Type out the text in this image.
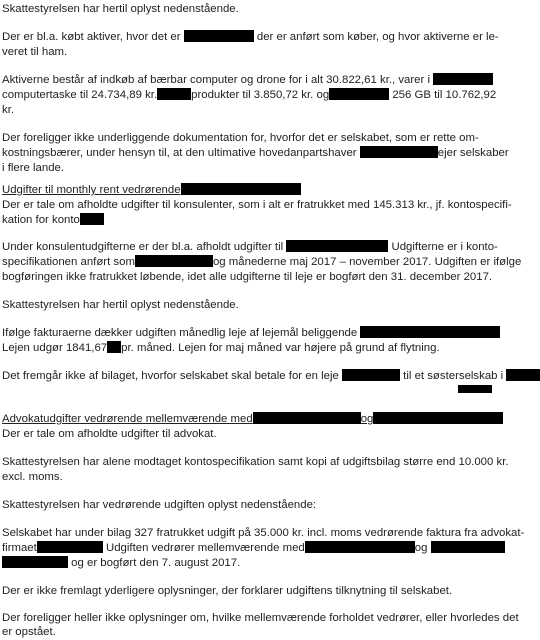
Skattestyrelsen har hertil oplyst nedenstående.
Der er bl.a. købt aktiver, hvor det er	der er anført som køber, og hvor aktiverne er le-
veret til ham.
Aktiverne består af indkøb af bærbar computer og drone for i alt 30.822,61 kr., varer i
computertaske til 24.734,89 kr.	produkter til 3.850,72 kr. og	256 GB til 10.762,92
kr.
Der foreligger ikke underliggende dokumentation for, hvorfor det er selskabet, som er rette om-
kostningsbærer, under hensyn til, at den ultimative hovedanpartshaver	ejer selskaber
i flere lande.
Udgifter til monthly rent vedrørende
Der er tale om afholdte udgifter til konsulenter, som i alt er fratrukket med 145.313 kr., jf. kontospecifi-
kation for konto
Under konsulentudgifterne er der bl.a. afholdt udgifter til	Udgifterne er i konto-
specifikationen anført som	og månederne maj 2017 – november 2017. Udgiften er ifølge
bogføringen ikke fratrukket løbende, idet alle udgifterne til leje er bogført den 31. december 2017.
Skattestyrelsen har hertil oplyst nedenstående.
Ifølge fakturaerne dækker udgiften månedlig leje af lejemål beliggende
Lejen udgør 1841,67 pr. måned. Lejen for maj måned var højere på grund af flytning.
Det fremgår ikke af bilaget, hvorfor selskabet skal betale for en leje	til et søsterselskab i
Advokatudgifter vedrørende mellemværende med	og
Der er tale om afholdte udgifter til advokat.
Skattestyrelsen har alene modtaget kontospecifikation samt kopi af udgiftsbilag større end 10.000 kr.
excl. moms.
Skattestyrelsen har vedrørende udgiften oplyst nedenstående:
Selskabet har under bilag 327 fratrukket udgift på 35.000 kr. incl. moms vedrørende faktura fra advokat-
firmaet	Udgiften vedrører mellemværende med	og
og er bogført den 7. august 2017.
Der er ikke fremlagt yderligere oplysninger, der forklarer udgiftens tilknytning til selskabet.
Der foreligger heller ikke oplysninger om, hvilke mellemværende forholdet vedrører, eller hvorledes det
er opstået.
